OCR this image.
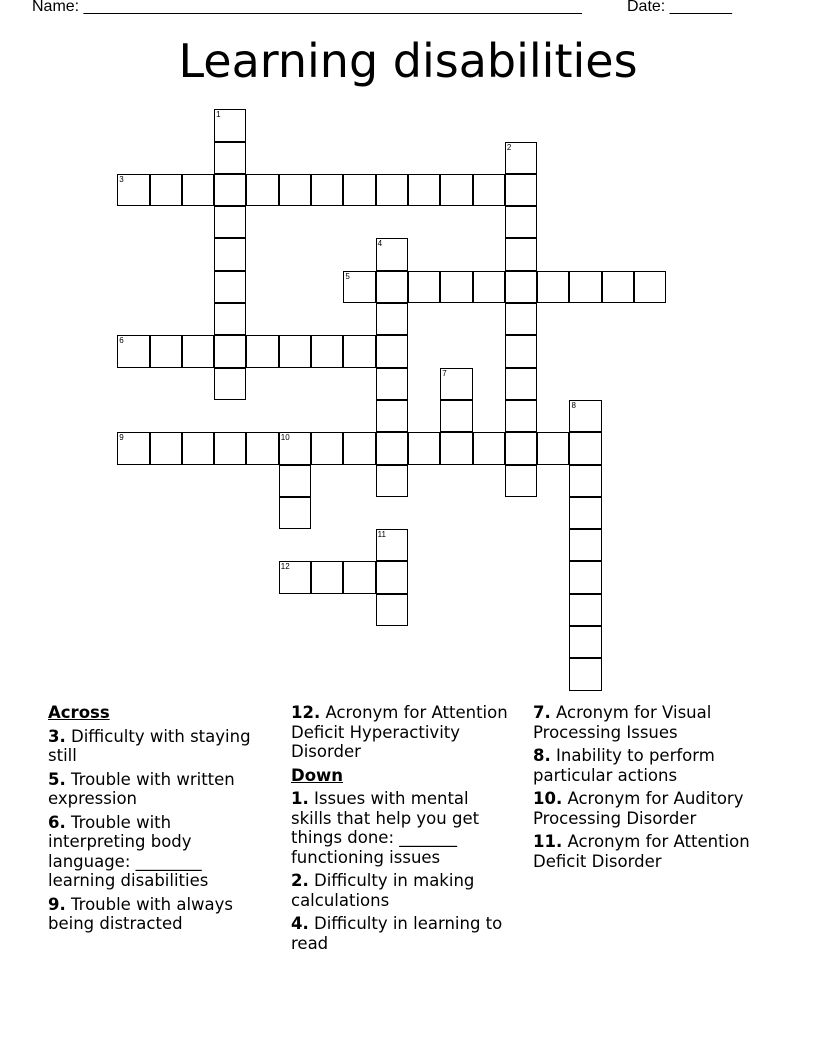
Name: ________________________________________________________	Date: _______
Learning disabilities
1
2
3
4
5
6
7
8
9	10
11
12
Across
3. Difficulty with staying still
5. Trouble with written expression
6. Trouble with interpreting body language: ________ learning disabilities
9. Trouble with always being distracted
12. Acronym for Attention Deficit Hyperactivity Disorder
Down
1. Issues with mental skills that help you get things done: _______ functioning issues
2. Difficulty in making calculations
4. Difficulty in learning to read
7. Acronym for Visual Processing Issues
8. Inability to perform particular actions
10. Acronym for Auditory Processing Disorder
11. Acronym for Attention Deficit Disorder
